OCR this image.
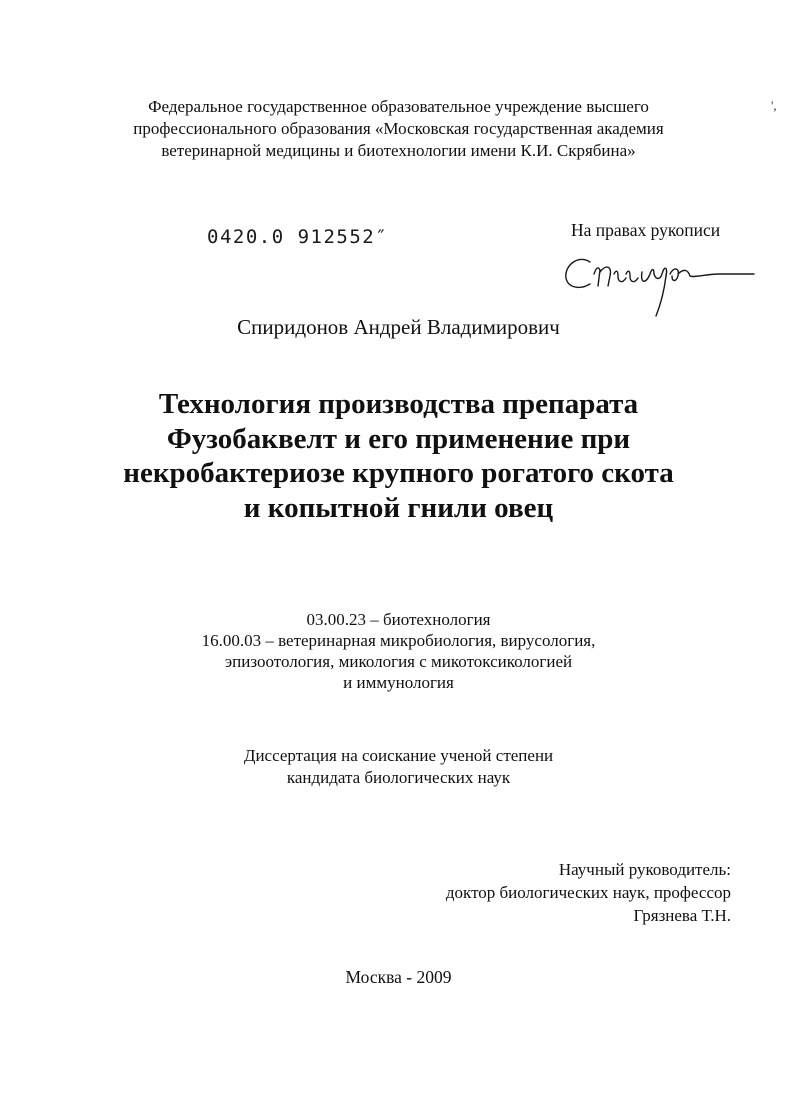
Федеральное государственное образовательное учреждение высшего
профессионального образования «Московская государственная академия
ветеринарной медицины и биотехнологии имени К.И. Скрябина»
',
0420.0 912552″	На правах рукописи
Спиридонов Андрей Владимирович
Технология производства препарата
Фузобаквелт и его применение при
некробактериозе крупного рогатого скота
и копытной гнили овец
03.00.23 – биотехнология
16.00.03 – ветеринарная микробиология, вирусология,
эпизоотология, микология с микотоксикологией
и иммунология
Диссертация на соискание ученой степени
кандидата биологических наук
Научный руководитель:
доктор биологических наук, профессор
Грязнева Т.Н.
Москва - 2009
